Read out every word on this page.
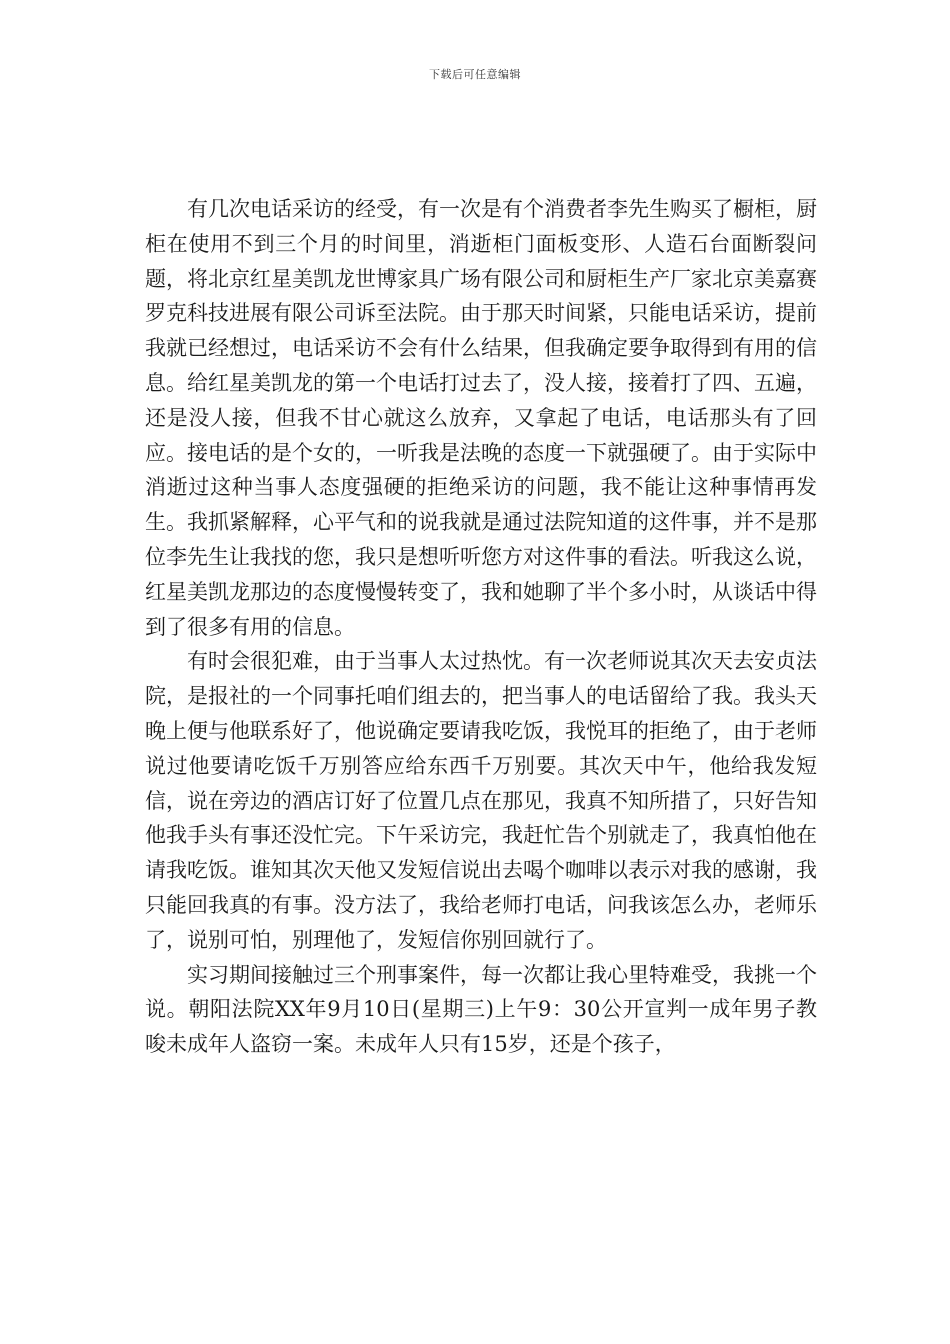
下载后可任意编辑

有几次电话采访的经受，有一次是有个消费者李先生购买了橱柜，厨柜在使用不到三个月的时间里，消逝柜门面板变形、人造石台面断裂问题，将北京红星美凯龙世博家具广场有限公司和厨柜生产厂家北京美嘉赛罗克科技进展有限公司诉至法院。由于那天时间紧，只能电话采访，提前我就已经想过，电话采访不会有什么结果，但我确定要争取得到有用的信息。给红星美凯龙的第一个电话打过去了，没人接，接着打了四、五遍，还是没人接，但我不甘心就这么放弃，又拿起了电话，电话那头有了回应。接电话的是个女的，一听我是法晚的态度一下就强硬了。由于实际中消逝过这种当事人态度强硬的拒绝采访的问题，我不能让这种事情再发生。我抓紧解释，心平气和的说我就是通过法院知道的这件事，并不是那位李先生让我找的您，我只是想听听您方对这件事的看法。听我这么说，红星美凯龙那边的态度慢慢转变了，我和她聊了半个多小时，从谈话中得到了很多有用的信息。

有时会很犯难，由于当事人太过热忱。有一次老师说其次天去安贞法院，是报社的一个同事托咱们组去的，把当事人的电话留给了我。我头天晚上便与他联系好了，他说确定要请我吃饭，我悦耳的拒绝了，由于老师说过他要请吃饭千万别答应给东西千万别要。其次天中午，他给我发短信，说在旁边的酒店订好了位置几点在那见，我真不知所措了，只好告知他我手头有事还没忙完。下午采访完，我赶忙告个别就走了，我真怕他在请我吃饭。谁知其次天他又发短信说出去喝个咖啡以表示对我的感谢，我只能回我真的有事。没方法了，我给老师打电话，问我该怎么办，老师乐了，说别可怕，别理他了，发短信你别回就行了。

实习期间接触过三个刑事案件，每一次都让我心里特难受，我挑一个说。朝阳法院XX年9月10日(星期三)上午9：30公开宣判一成年男子教唆未成年人盗窃一案。未成年人只有15岁，还是个孩子，
